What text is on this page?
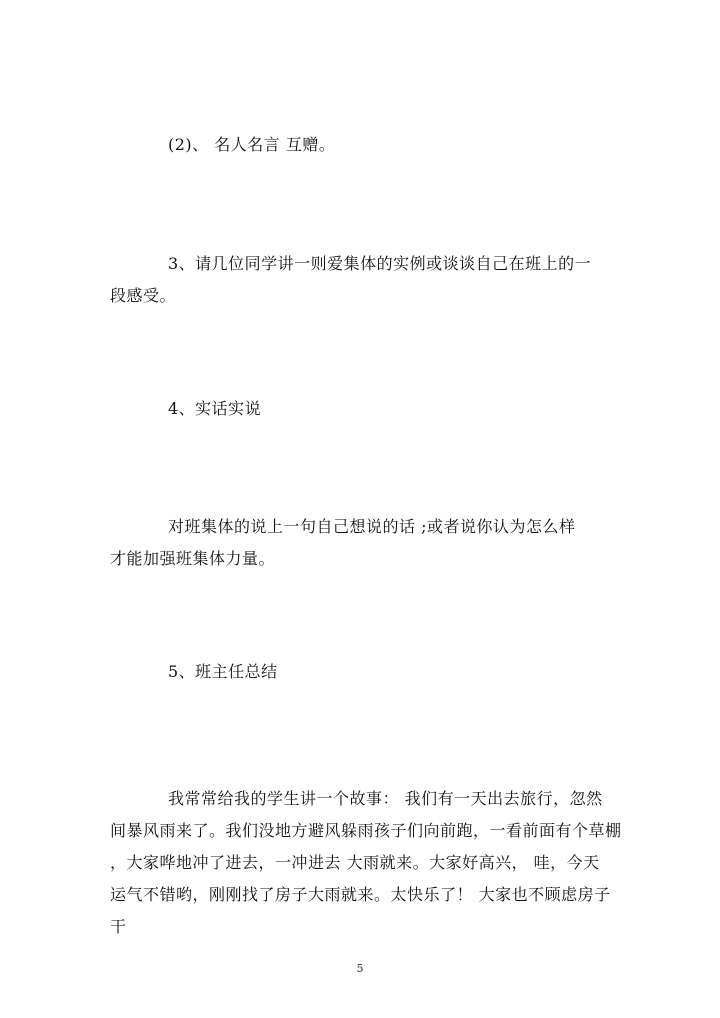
(2)、 名人名言 互赠。
3、请几位同学讲一则爱集体的实例或谈谈自己在班上的一
段感受。
4、实话实说
对班集体的说上一句自己想说的话 ;或者说你认为怎么样
才能加强班集体力量。
5、班主任总结
我常常给我的学生讲一个故事： 我们有一天出去旅行，忽然
间暴风雨来了。我们没地方避风躲雨孩子们向前跑，一看前面有个草棚
，大家哗地冲了进去，一冲进去 大雨就来。大家好高兴， 哇，今天
运气不错哟，刚刚找了房子大雨就来。太快乐了！ 大家也不顾虑房子
干
5
